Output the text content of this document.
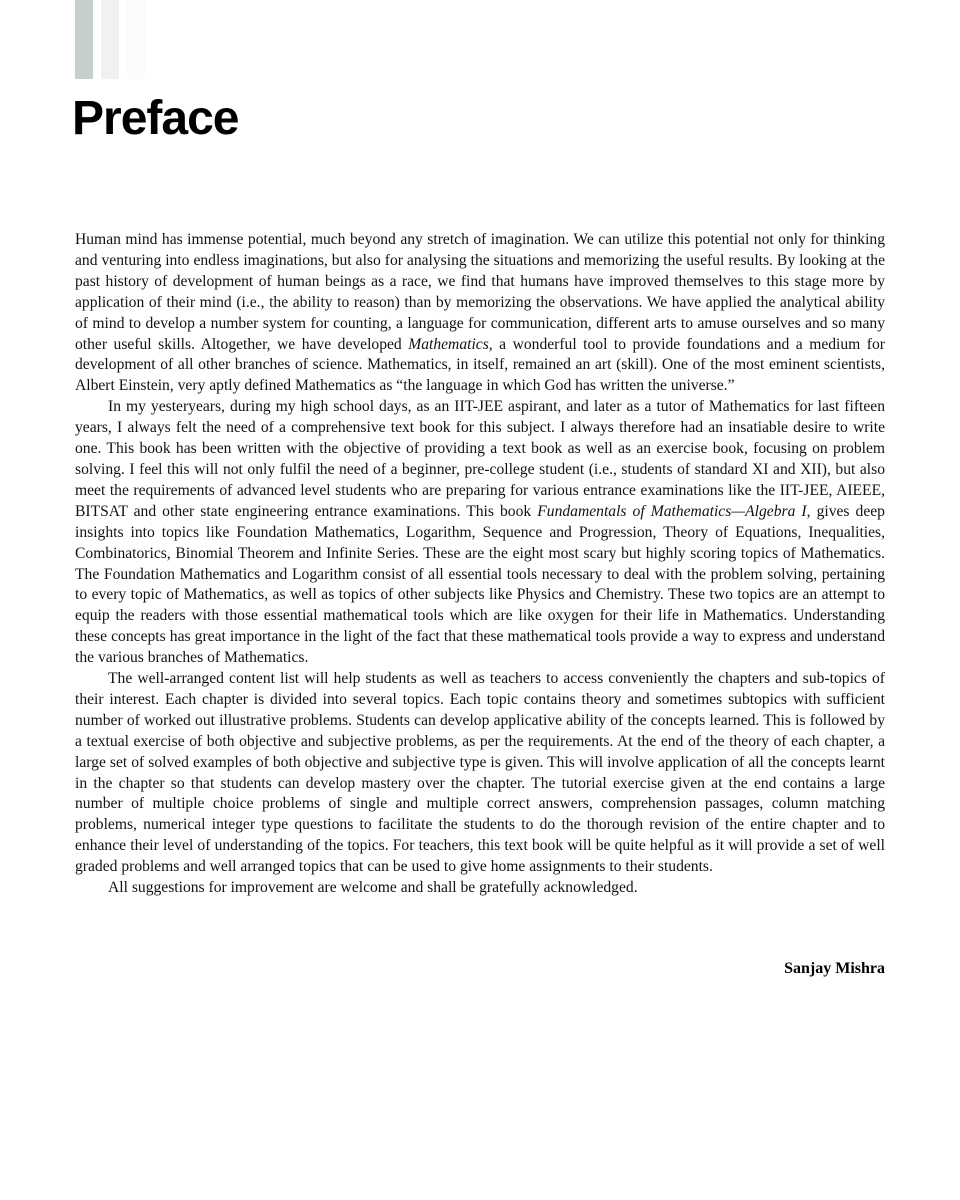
Preface

Human mind has immense potential, much beyond any stretch of imagination. We can utilize this potential not only for thinking and venturing into endless imaginations, but also for analysing the situations and memorizing the useful results. By looking at the past history of development of human beings as a race, we find that humans have improved themselves to this stage more by application of their mind (i.e., the ability to reason) than by memorizing the observations. We have applied the analytical ability of mind to develop a number system for counting, a language for communication, different arts to amuse ourselves and so many other useful skills. Altogether, we have developed Mathematics, a wonderful tool to provide foundations and a medium for development of all other branches of science. Mathematics, in itself, remained an art (skill). One of the most eminent scientists, Albert Einstein, very aptly defined Mathematics as “the language in which God has written the universe.”

In my yesteryears, during my high school days, as an IIT-JEE aspirant, and later as a tutor of Mathematics for last fifteen years, I always felt the need of a comprehensive text book for this subject. I always therefore had an insatiable desire to write one. This book has been written with the objective of providing a text book as well as an exercise book, focusing on problem solving. I feel this will not only fulfil the need of a beginner, pre-college student (i.e., students of standard XI and XII), but also meet the requirements of advanced level students who are preparing for various entrance examinations like the IIT-JEE, AIEEE, BITSAT and other state engineering entrance examinations. This book Fundamentals of Mathematics—Algebra I, gives deep insights into topics like Foundation Mathematics, Logarithm, Sequence and Progression, Theory of Equations, Inequalities, Combinatorics, Binomial Theorem and Infinite Series. These are the eight most scary but highly scoring topics of Mathematics. The Foundation Mathematics and Logarithm consist of all essential tools necessary to deal with the problem solving, pertaining to every topic of Mathematics, as well as topics of other subjects like Physics and Chemistry. These two topics are an attempt to equip the readers with those essential mathematical tools which are like oxygen for their life in Mathematics. Understanding these concepts has great importance in the light of the fact that these mathematical tools provide a way to express and understand the various branches of Mathematics.

The well-arranged content list will help students as well as teachers to access conveniently the chapters and sub-topics of their interest. Each chapter is divided into several topics. Each topic contains theory and sometimes subtopics with sufficient number of worked out illustrative problems. Students can develop applicative ability of the concepts learned. This is followed by a textual exercise of both objective and subjective problems, as per the requirements. At the end of the theory of each chapter, a large set of solved examples of both objective and subjective type is given. This will involve application of all the concepts learnt in the chapter so that students can develop mastery over the chapter. The tutorial exercise given at the end contains a large number of multiple choice problems of single and multiple correct answers, comprehension passages, column matching problems, numerical integer type questions to facilitate the students to do the thorough revision of the entire chapter and to enhance their level of understanding of the topics. For teachers, this text book will be quite helpful as it will provide a set of well graded problems and well arranged topics that can be used to give home assignments to their students.

All suggestions for improvement are welcome and shall be gratefully acknowledged.

Sanjay Mishra
